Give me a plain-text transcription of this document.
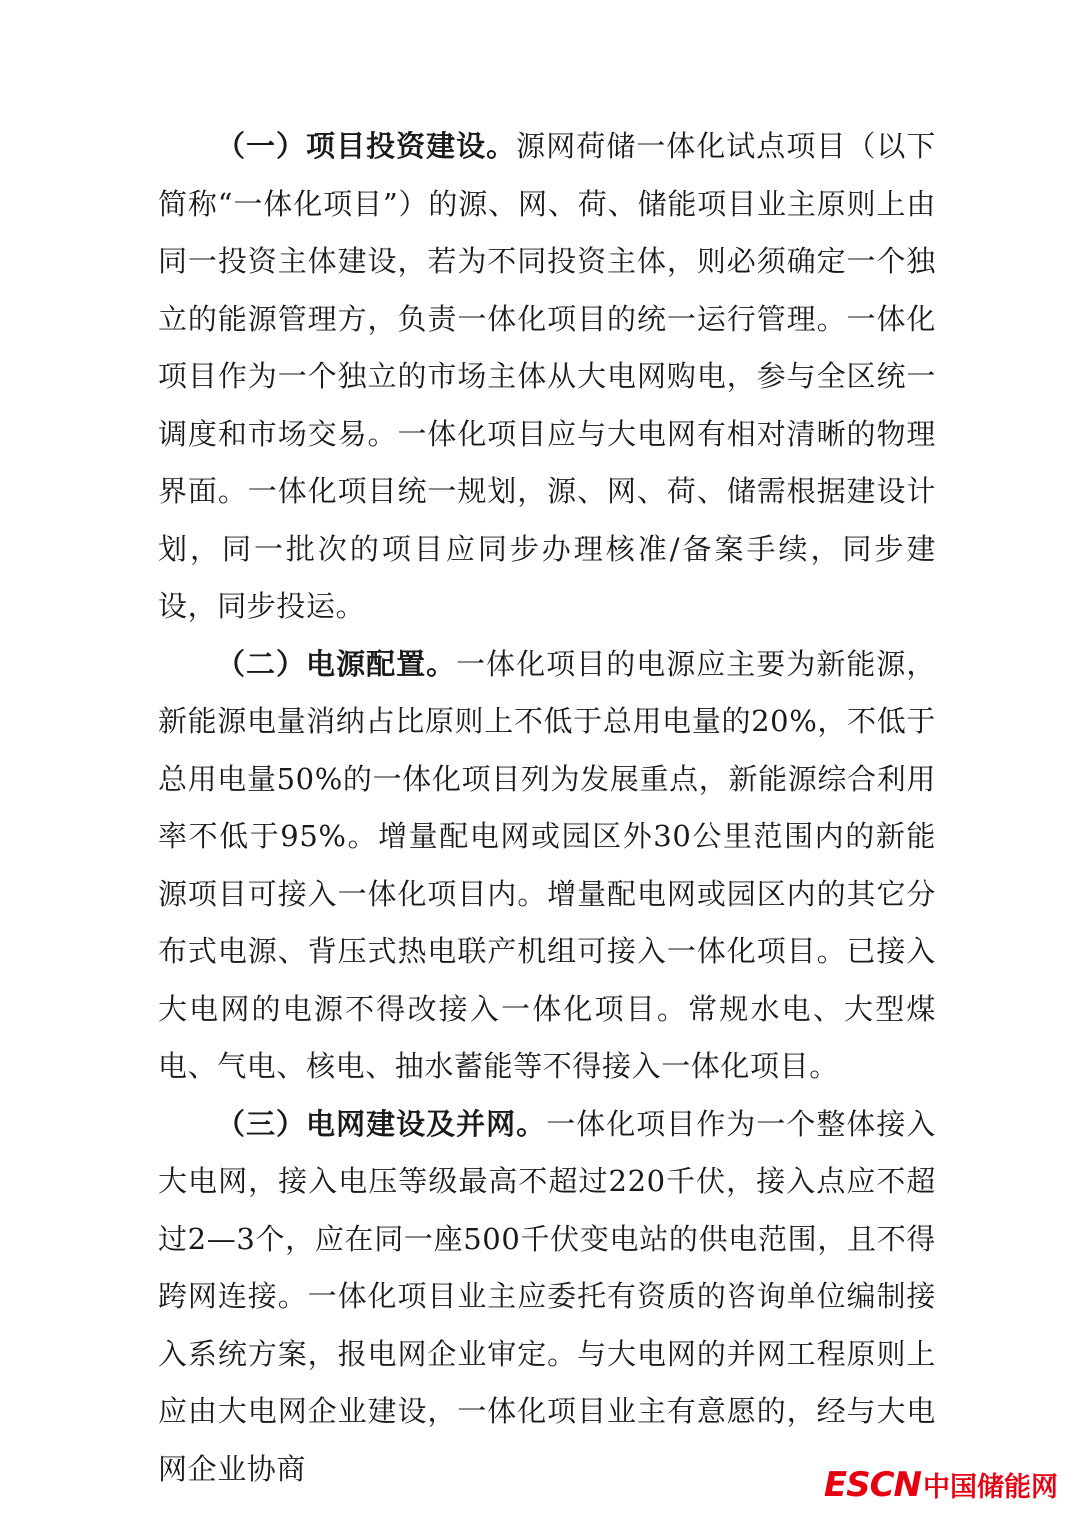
（一）项目投资建设。源网荷储一体化试点项目（以下简称“一体化项目”）的源、网、荷、储能项目业主原则上由同一投资主体建设，若为不同投资主体，则必须确定一个独立的能源管理方，负责一体化项目的统一运行管理。一体化项目作为一个独立的市场主体从大电网购电，参与全区统一调度和市场交易。一体化项目应与大电网有相对清晰的物理界面。一体化项目统一规划，源、网、荷、储需根据建设计划，同一批次的项目应同步办理核准/备案手续，同步建设，同步投运。

（二）电源配置。一体化项目的电源应主要为新能源，新能源电量消纳占比原则上不低于总用电量的20%，不低于总用电量50%的一体化项目列为发展重点，新能源综合利用率不低于95%。增量配电网或园区外30公里范围内的新能源项目可接入一体化项目内。增量配电网或园区内的其它分布式电源、背压式热电联产机组可接入一体化项目。已接入大电网的电源不得改接入一体化项目。常规水电、大型煤电、气电、核电、抽水蓄能等不得接入一体化项目。

（三）电网建设及并网。一体化项目作为一个整体接入大电网，接入电压等级最高不超过220千伏，接入点应不超过2—3个，应在同一座500千伏变电站的供电范围，且不得跨网连接。一体化项目业主应委托有资质的咨询单位编制接入系统方案，报电网企业审定。与大电网的并网工程原则上应由大电网企业建设，一体化项目业主有意愿的，经与大电网企业协商	ESCN 中国储能网
